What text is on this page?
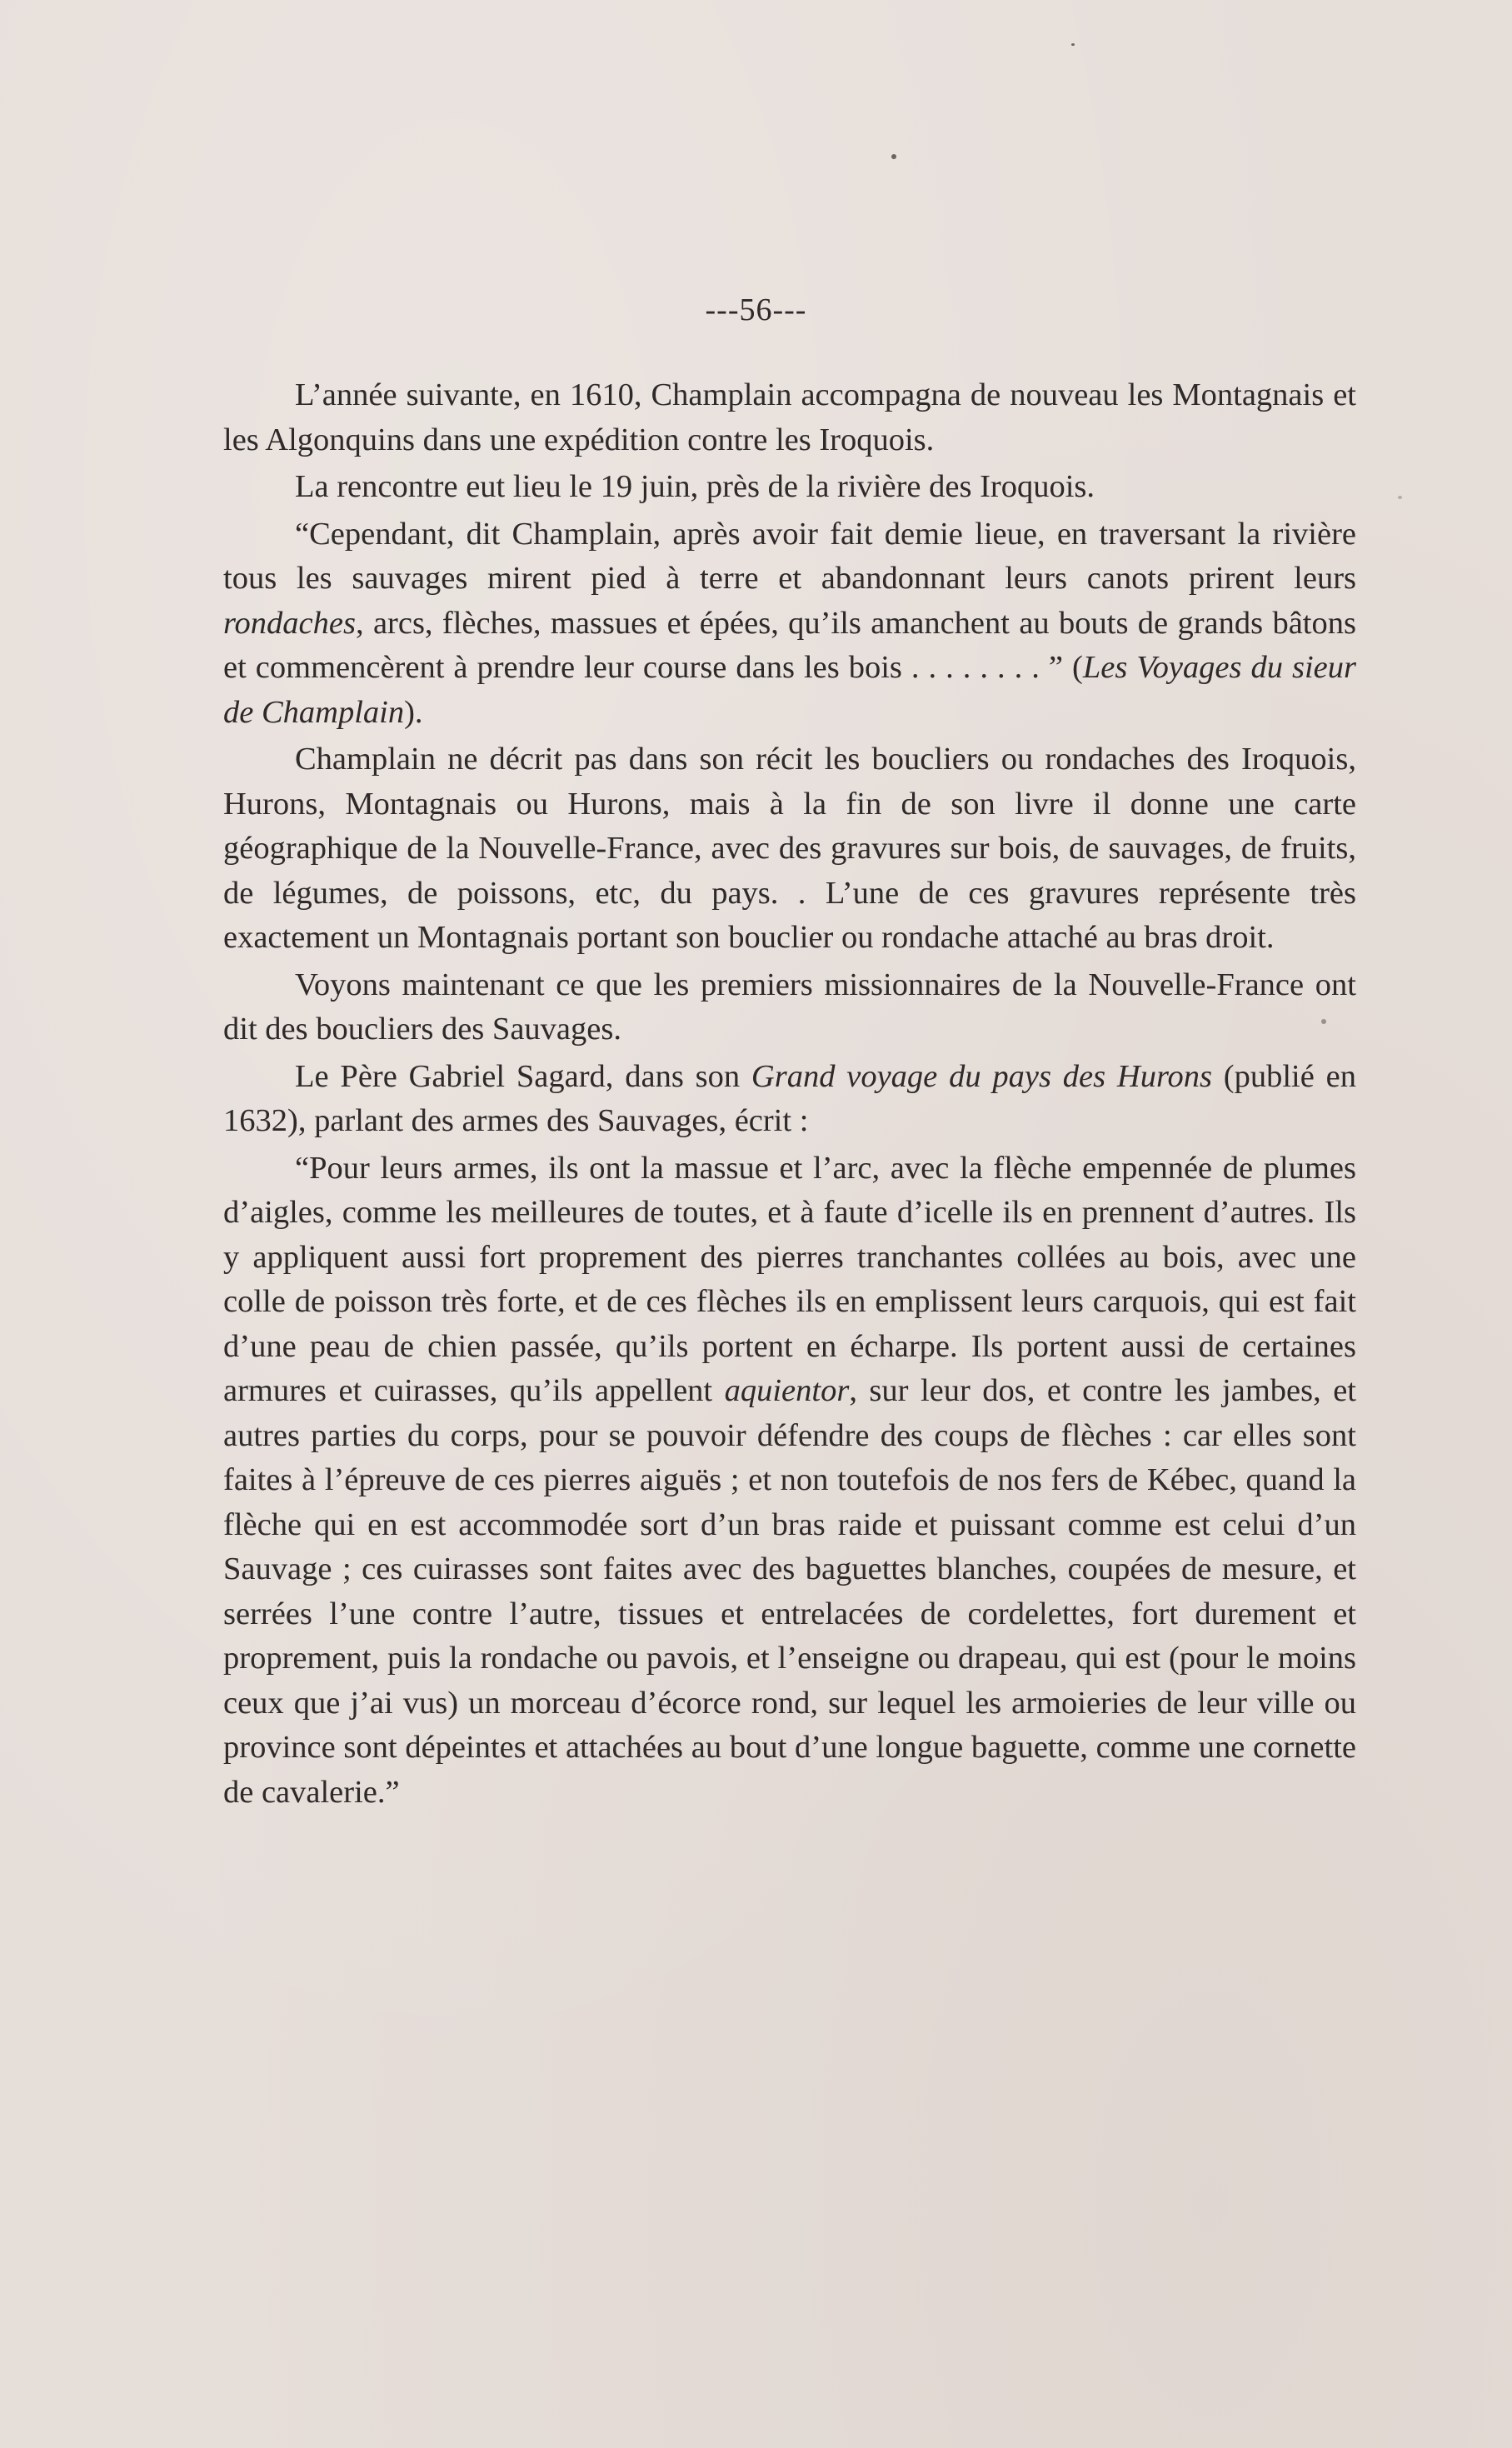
---56---

L’année suivante, en 1610, Champlain accompagna de nouveau les Montagnais et les Algonquins dans une expédition contre les Iroquois.

La rencontre eut lieu le 19 juin, près de la rivière des Iroquois.

“Cependant, dit Champlain, après avoir fait demie lieue, en traversant la rivière tous les sauvages mirent pied à terre et abandonnant leurs canots prirent leurs rondaches, arcs, flèches, massues et épées, qu’ils amanchent au bouts de grands bâtons et commencèrent à prendre leur course dans les bois . . . . . . . . ” (Les Voyages du sieur de Champlain).

Champlain ne décrit pas dans son récit les boucliers ou rondaches des Iroquois, Hurons, Montagnais ou Hurons, mais à la fin de son livre il donne une carte géographique de la Nouvelle-France, avec des gravures sur bois, de sauvages, de fruits, de légumes, de poissons, etc, du pays. . L’une de ces gravures représente très exactement un Montagnais portant son bouclier ou rondache attaché au bras droit.

Voyons maintenant ce que les premiers missionnaires de la Nouvelle-France ont dit des boucliers des Sauvages.

Le Père Gabriel Sagard, dans son Grand voyage du pays des Hurons (publié en 1632), parlant des armes des Sauvages, écrit :

“Pour leurs armes, ils ont la massue et l’arc, avec la flèche empennée de plumes d’aigles, comme les meilleures de toutes, et à faute d’icelle ils en prennent d’autres. Ils y appliquent aussi fort proprement des pierres tranchantes collées au bois, avec une colle de poisson très forte, et de ces flèches ils en emplissent leurs carquois, qui est fait d’une peau de chien passée, qu’ils portent en écharpe. Ils portent aussi de certaines armures et cuirasses, qu’ils appellent aquientor, sur leur dos, et contre les jambes, et autres parties du corps, pour se pouvoir défendre des coups de flèches : car elles sont faites à l’épreuve de ces pierres aiguës ; et non toutefois de nos fers de Kébec, quand la flèche qui en est accommodée sort d’un bras raide et puissant comme est celui d’un Sauvage ; ces cuirasses sont faites avec des baguettes blanches, coupées de mesure, et serrées l’une contre l’autre, tissues et entrelacées de cordelettes, fort durement et proprement, puis la rondache ou pavois, et l’enseigne ou drapeau, qui est (pour le moins ceux que j’ai vus) un morceau d’écorce rond, sur lequel les armoieries de leur ville ou province sont dépeintes et attachées au bout d’une longue baguette, comme une cornette de cavalerie.”
